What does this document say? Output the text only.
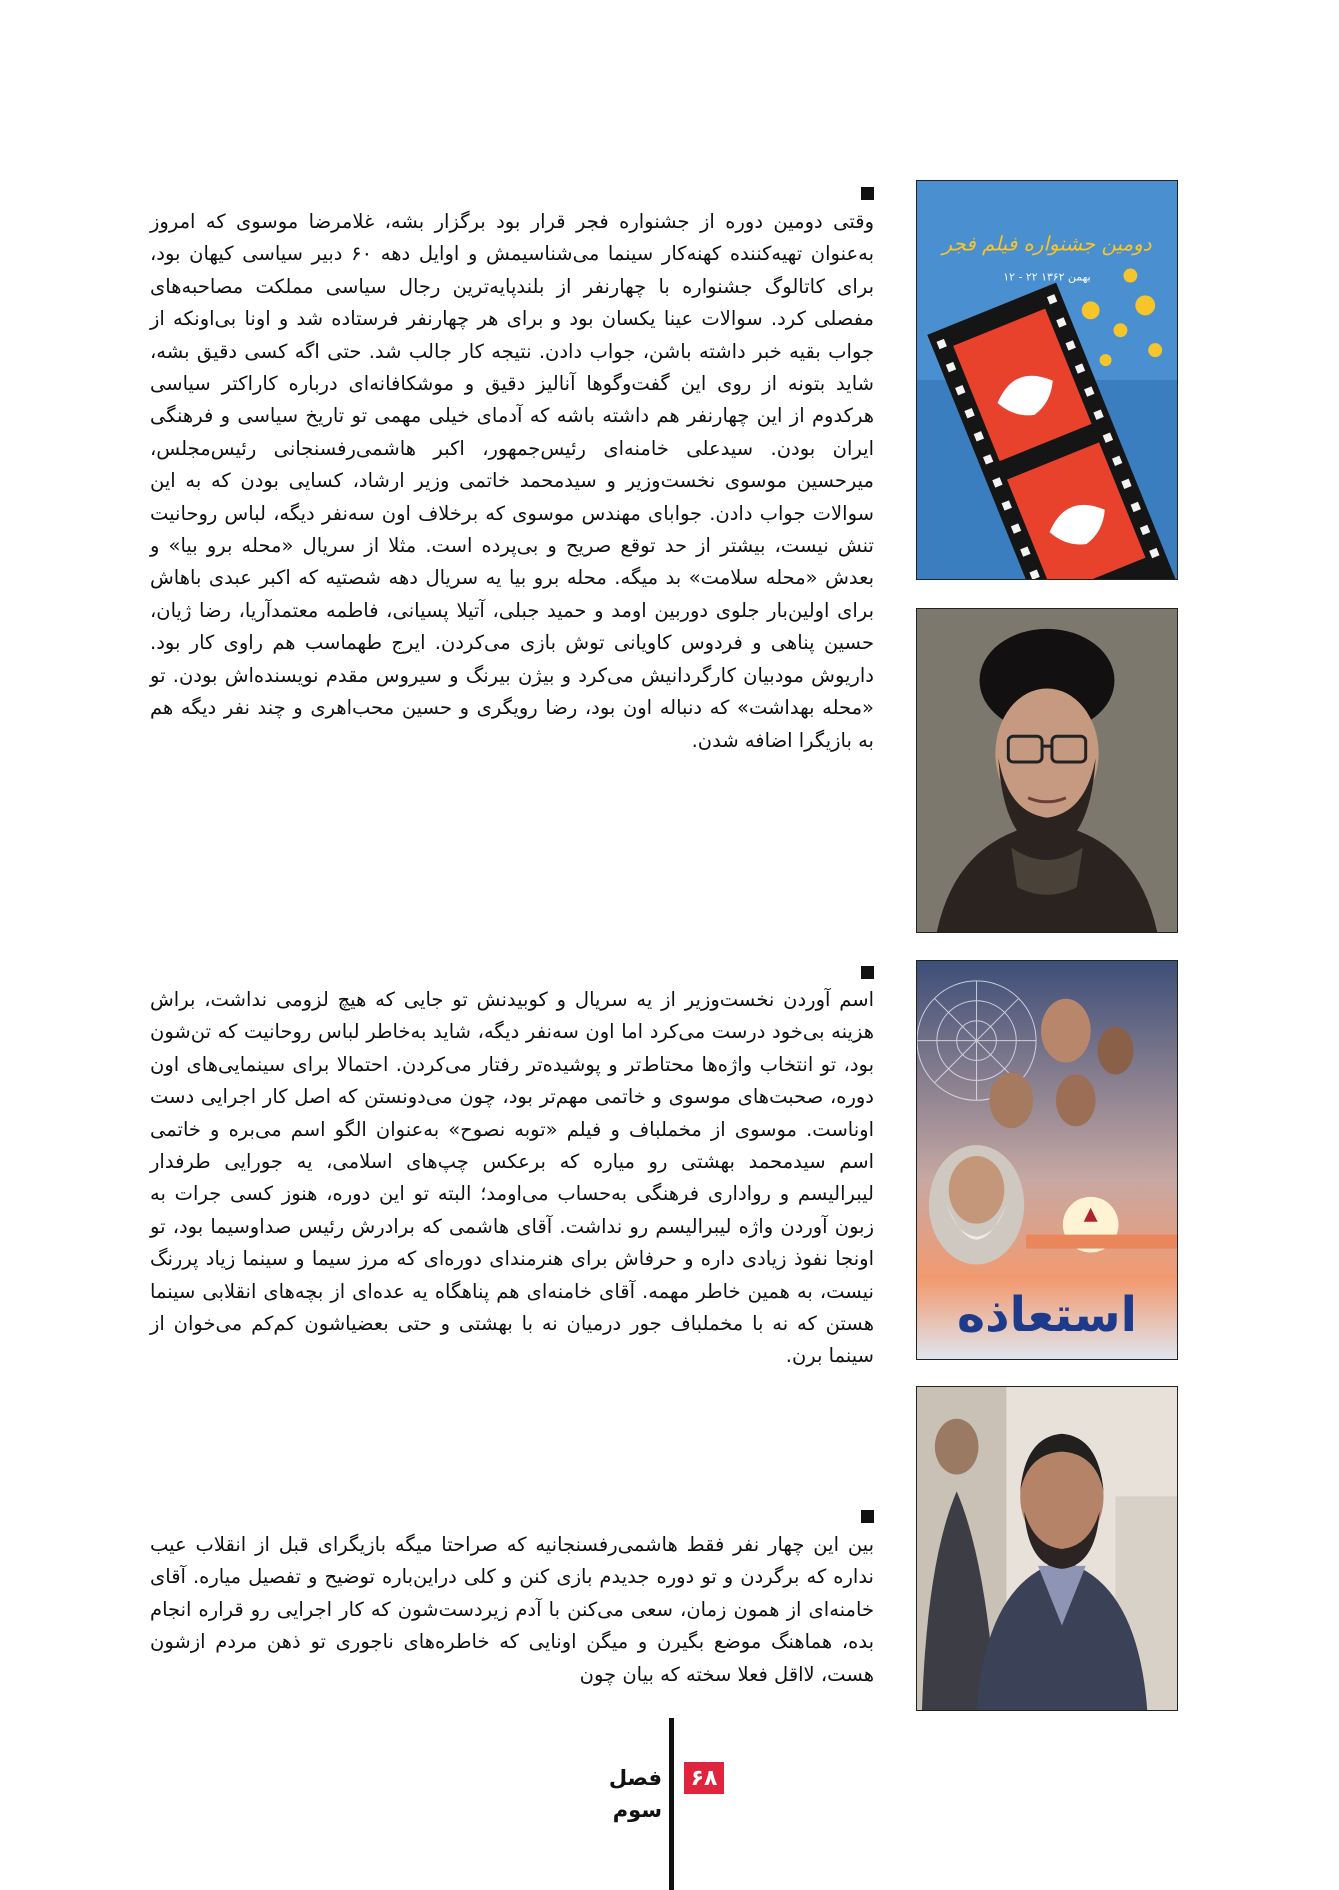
وقتی دومین دوره از جشنواره فجر قرار بود برگزار بشه، غلامرضا موسوی که امروز به‌عنوان تهیه‌کننده کهنه‌کار سینما می‌شناسیمش و اوایل دهه ۶۰ دبیر سیاسی کیهان بود، برای کاتالوگ جشنواره با چهارنفر از بلندپایه‌ترین رجال سیاسی مملکت مصاحبه‌های مفصلی کرد. سوالات عینا یکسان بود و برای هر چهارنفر فرستاده شد و اونا بی‌اونکه از جواب بقیه خبر داشته باشن، جواب دادن. نتیجه کار جالب شد. حتی اگه کسی دقیق بشه، شاید بتونه از روی این گفت‌وگوها آنالیز دقیق و موشکافانه‌ای درباره کاراکتر سیاسی هرکدوم از این چهارنفر هم داشته باشه که آدمای خیلی مهمی تو تاریخ سیاسی و فرهنگی ایران بودن. سیدعلی خامنه‌ای رئیس‌جمهور، اکبر هاشمی‌رفسنجانی رئیس‌مجلس، میرحسین موسوی نخست‌وزیر و سیدمحمد خاتمی وزیر ارشاد، کسایی بودن که به این سوالات جواب دادن. جوابای مهندس موسوی که برخلاف اون سه‌نفر دیگه، لباس روحانیت تنش نیست، بیشتر از حد توقع صریح و بی‌پرده است. مثلا از سریال «محله برو بیا» و بعدش «محله سلامت» بد میگه. محله برو بیا یه سریال دهه شصتیه که اکبر عبدی باهاش برای اولین‌بار جلوی دوربین اومد و حمید جبلی، آتیلا پسیانی، فاطمه معتمدآریا، رضا ژیان، حسین پناهی و فردوس کاویانی توش بازی می‌کردن. ایرج طهماسب هم راوی کار بود. داریوش مودبیان کارگردانیش می‌کرد و بیژن بیرنگ و سیروس مقدم نویسنده‌اش بودن. تو «محله بهداشت» که دنباله اون بود، رضا رویگری و حسین محب‌اهری و چند نفر دیگه هم به بازیگرا اضافه شدن.

اسم آوردن نخست‌وزیر از یه سریال و کوبیدنش تو جایی که هیچ لزومی نداشت، براش هزینه بی‌خود درست می‌کرد اما اون سه‌نفر دیگه، شاید به‌خاطر لباس روحانیت که تن‌شون بود، تو انتخاب واژه‌ها محتاط‌تر و پوشیده‌تر رفتار می‌کردن. احتمالا برای سینمایی‌های اون دوره، صحبت‌های موسوی و خاتمی مهم‌تر بود، چون می‌دونستن که اصل کار اجرایی دست اوناست. موسوی از مخملباف و فیلم «توبه نصوح» به‌عنوان الگو اسم می‌بره و خاتمی اسم سیدمحمد بهشتی رو میاره که برعکس چپ‌های اسلامی، یه جورایی طرفدار لیبرالیسم و رواداری فرهنگی به‌حساب می‌اومد؛ البته تو این دوره، هنوز کسی جرات به زبون آوردن واژه لیبرالیسم رو نداشت. آقای هاشمی که برادرش رئیس صداوسیما بود، تو اونجا نفوذ زیادی داره و حرفاش برای هنرمندای دوره‌ای که مرز سیما و سینما زیاد پررنگ نیست، به همین خاطر مهمه. آقای خامنه‌ای هم پناهگاه یه عده‌ای از بچه‌های انقلابی سینما هستن که نه با مخملباف جور درمیان نه با بهشتی و حتی بعضیاشون کم‌کم می‌خوان از سینما برن.

بین این چهار نفر فقط هاشمی‌رفسنجانیه که صراحتا میگه بازیگرای قبل از انقلاب عیب نداره که برگردن و تو دوره جدیدم بازی کنن و کلی دراین‌باره توضیح و تفصیل میاره. آقای خامنه‌ای از همون زمان، سعی می‌کنن با آدم زیردست‌شون که کار اجرایی رو قراره انجام بده، هماهنگ موضع بگیرن و میگن اونایی که خاطره‌های ناجوری تو ذهن مردم ازشون هست، لااقل فعلا سخته که بیان چون

دومین جشنواره فیلم فجر
۱۲ - ۲۲ بهمن ۱۳۶۲
استعاذه
۶۸
فصل سوم
